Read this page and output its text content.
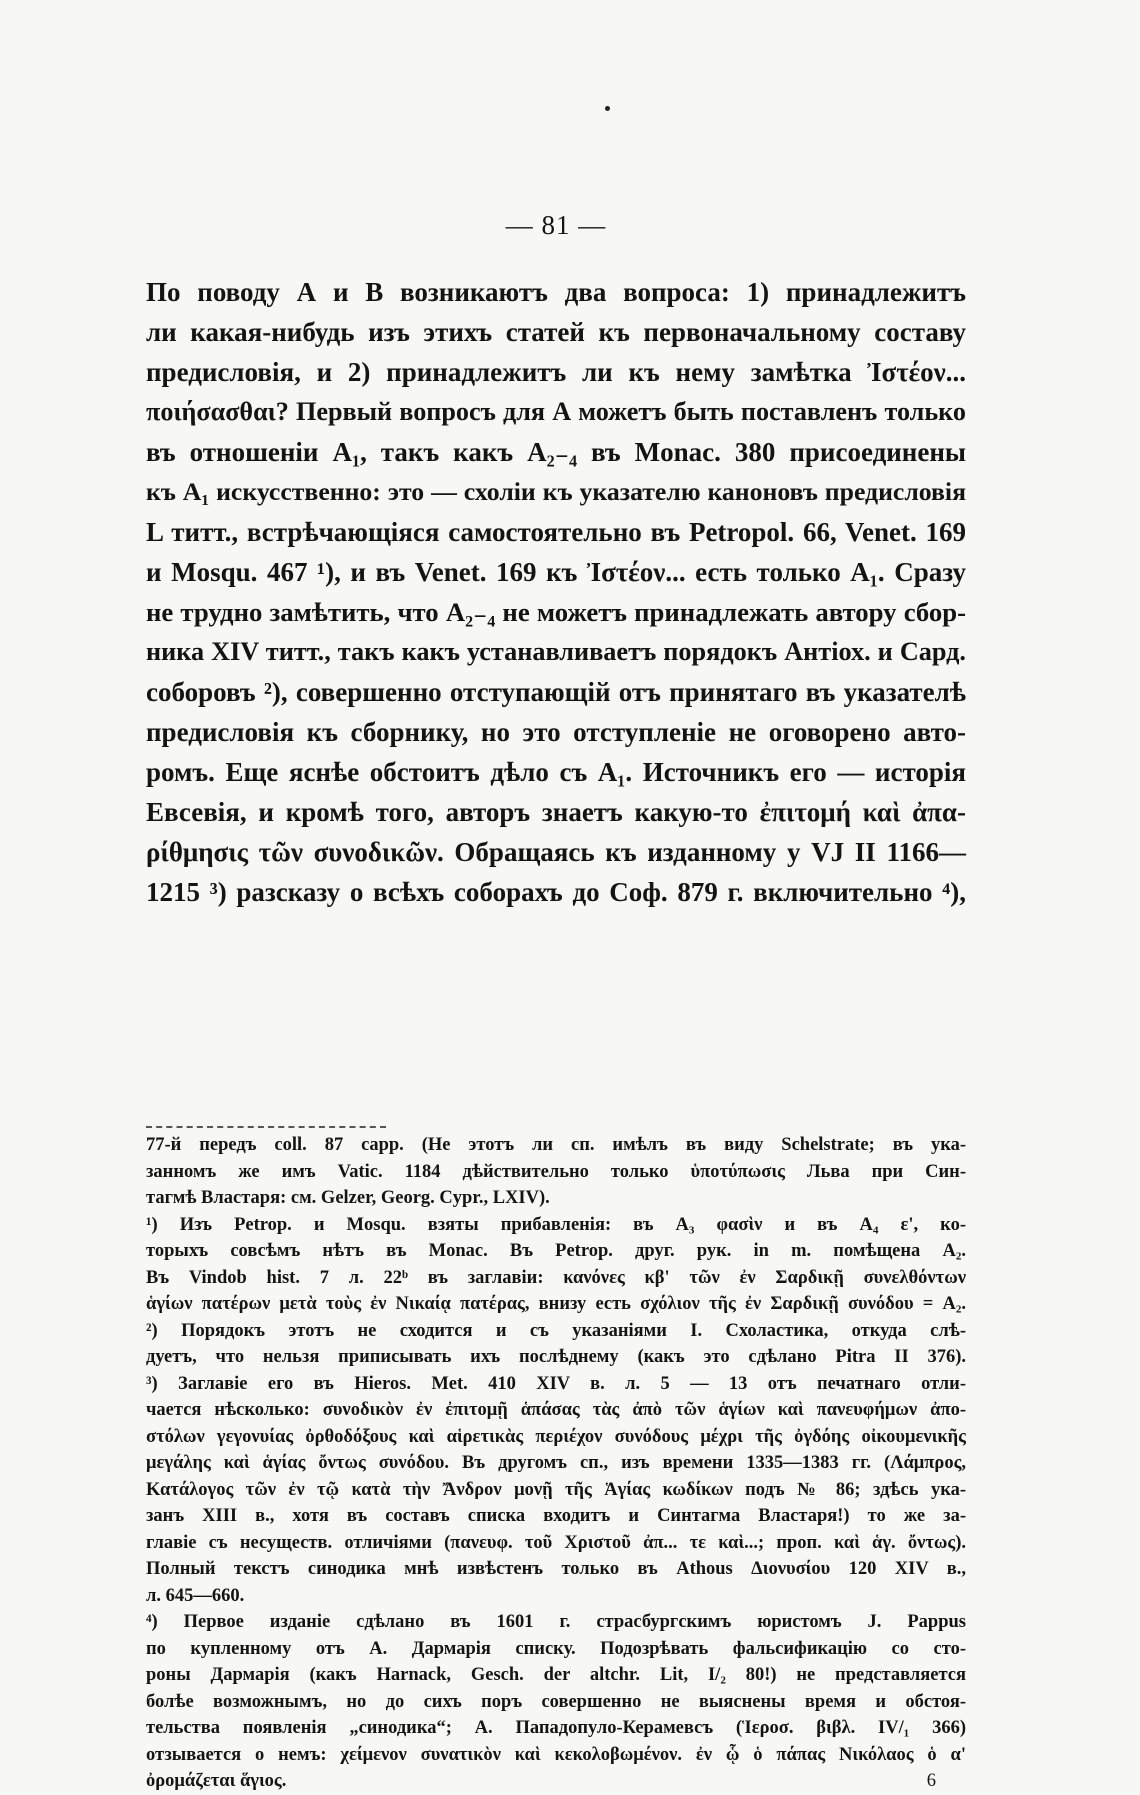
— 81 —
По поводу А и В возникаютъ два вопроса: 1) принадлежитъ
ли какая-нибудь изъ этихъ статей къ первоначальному составу
предисловія, и 2) принадлежитъ ли къ нему замѣтка Ἰστέον...
ποιήσασθαι? Первый вопросъ для А можетъ быть поставленъ только
въ отношеніи A₁, такъ какъ A₂₋₄ въ Monac. 380 присоединены
къ A₁ искусственно: это — схоліи къ указателю каноновъ предисловія
L титт., встрѣчающіяся самостоятельно въ Petropol. 66, Venet. 169
и Mosqu. 467 ¹), и въ Venet. 169 къ Ἰστέον... есть только A₁. Сразу
не трудно замѣтить, что A₂₋₄ не можетъ принадлежать автору сбор-
ника XIV титт., такъ какъ устанавливаетъ порядокъ Антіох. и Сард.
соборовъ ²), совершенно отступающій отъ принятаго въ указателѣ
предисловія къ сборнику, но это отступленіе не оговорено авто-
ромъ. Еще яснѣе обстоитъ дѣло съ A₁. Источникъ его — исторія
Евсевія, и кромѣ того, авторъ знаетъ какую-то ἐπιτομή καὶ ἀπα-
ρίθμησις τῶν συνοδικῶν. Обращаясь къ изданному у VJ II 1166—
1215 ³) разсказу о всѣхъ соборахъ до Соф. 879 г. включительно ⁴),
77-й передъ coll. 87 capp. (Не этотъ ли сп. имѣлъ въ виду Schelstrate; въ ука-
занномъ же имъ Vatic. 1184 дѣйствительно только ὑποτύπωσις Льва при Син-
тагмѣ Властаря: см. Gelzer, Georg. Cypr., LXIV).
¹) Изъ Petrop. и Mosqu. взяты прибавленія: въ A₃ φασὶν и въ A₄ ε', ко-
торыхъ совсѣмъ нѣтъ въ Monac. Въ Petrop. друг. рук. in m. помѣщена A₂.
Въ Vindob hist. 7 л. 22ᵇ въ заглавіи: κανόνες κβ' τῶν ἐν Σαρδικῇ συνελθόντων
ἁγίων πατέρων μετὰ τοὺς ἐν Νικαίᾳ πατέρας, внизу есть σχόλιον τῆς ἐν Σαρδικῇ συνόδου = A₂.
²) Порядокъ этотъ не сходится и съ указаніями I. Схоластика, откуда слѣ-
дуетъ, что нельзя приписывать ихъ послѣднему (какъ это сдѣлано Pitra II 376).
³) Заглавіе его въ Hieros. Met. 410 XIV в. л. 5 — 13 отъ печатнаго отли-
чается нѣсколько: συνοδικὸν ἐν ἐπιτομῇ ἁπάσας τὰς ἀπὸ τῶν ἁγίων καὶ πανευφήμων ἀπο-
στόλων γεγονυίας ὀρθοδόξους καὶ αἱρετικὰς περιέχον συνόδους μέχρι τῆς ὀγδόης οἰκουμενικῆς
μεγάλης καὶ ἁγίας ὄντως συνόδου. Въ другомъ сп., изъ времени 1335—1383 гг. (Λάμπρος,
Κατάλογος τῶν ἐν τῷ κατὰ τὴν Ἄνδρον μονῇ τῆς Ἁγίας κωδίκων подъ № 86; здѣсь ука-
занъ XIII в., хотя въ составъ списка входитъ и Синтагма Властаря!) то же за-
главіе съ несуществ. отличіями (πανευφ. τοῦ Χριστοῦ ἀπ... τε καὶ...; проп. καὶ ἁγ. ὄντως).
Полный текстъ синодика мнѣ извѣстенъ только въ Athous Διονυσίου 120 XIV в.,
л. 645—660.
⁴) Первое изданіе сдѣлано въ 1601 г. страсбургскимъ юристомъ J. Pappus
по купленному отъ А. Дармарія списку. Подозрѣвать фальсификацію со сто-
роны Дармарія (какъ Harnack, Gesch. der altchr. Lit, I/₂ 80!) не представляется
болѣе возможнымъ, но до сихъ поръ совершенно не выяснены время и обстоя-
тельства появленія „синодика“; А. Пападопуло-Керамевсъ (Ἱεροσ. βιβλ. IV/₁ 366)
отзывается о немъ: χείμενον συνατικὸν καὶ κεκολοβωμένον. ἐν ᾧ ὁ πάπας Νικόλαος ὁ α'
ὀρομάζεται ἅγιος.	6
